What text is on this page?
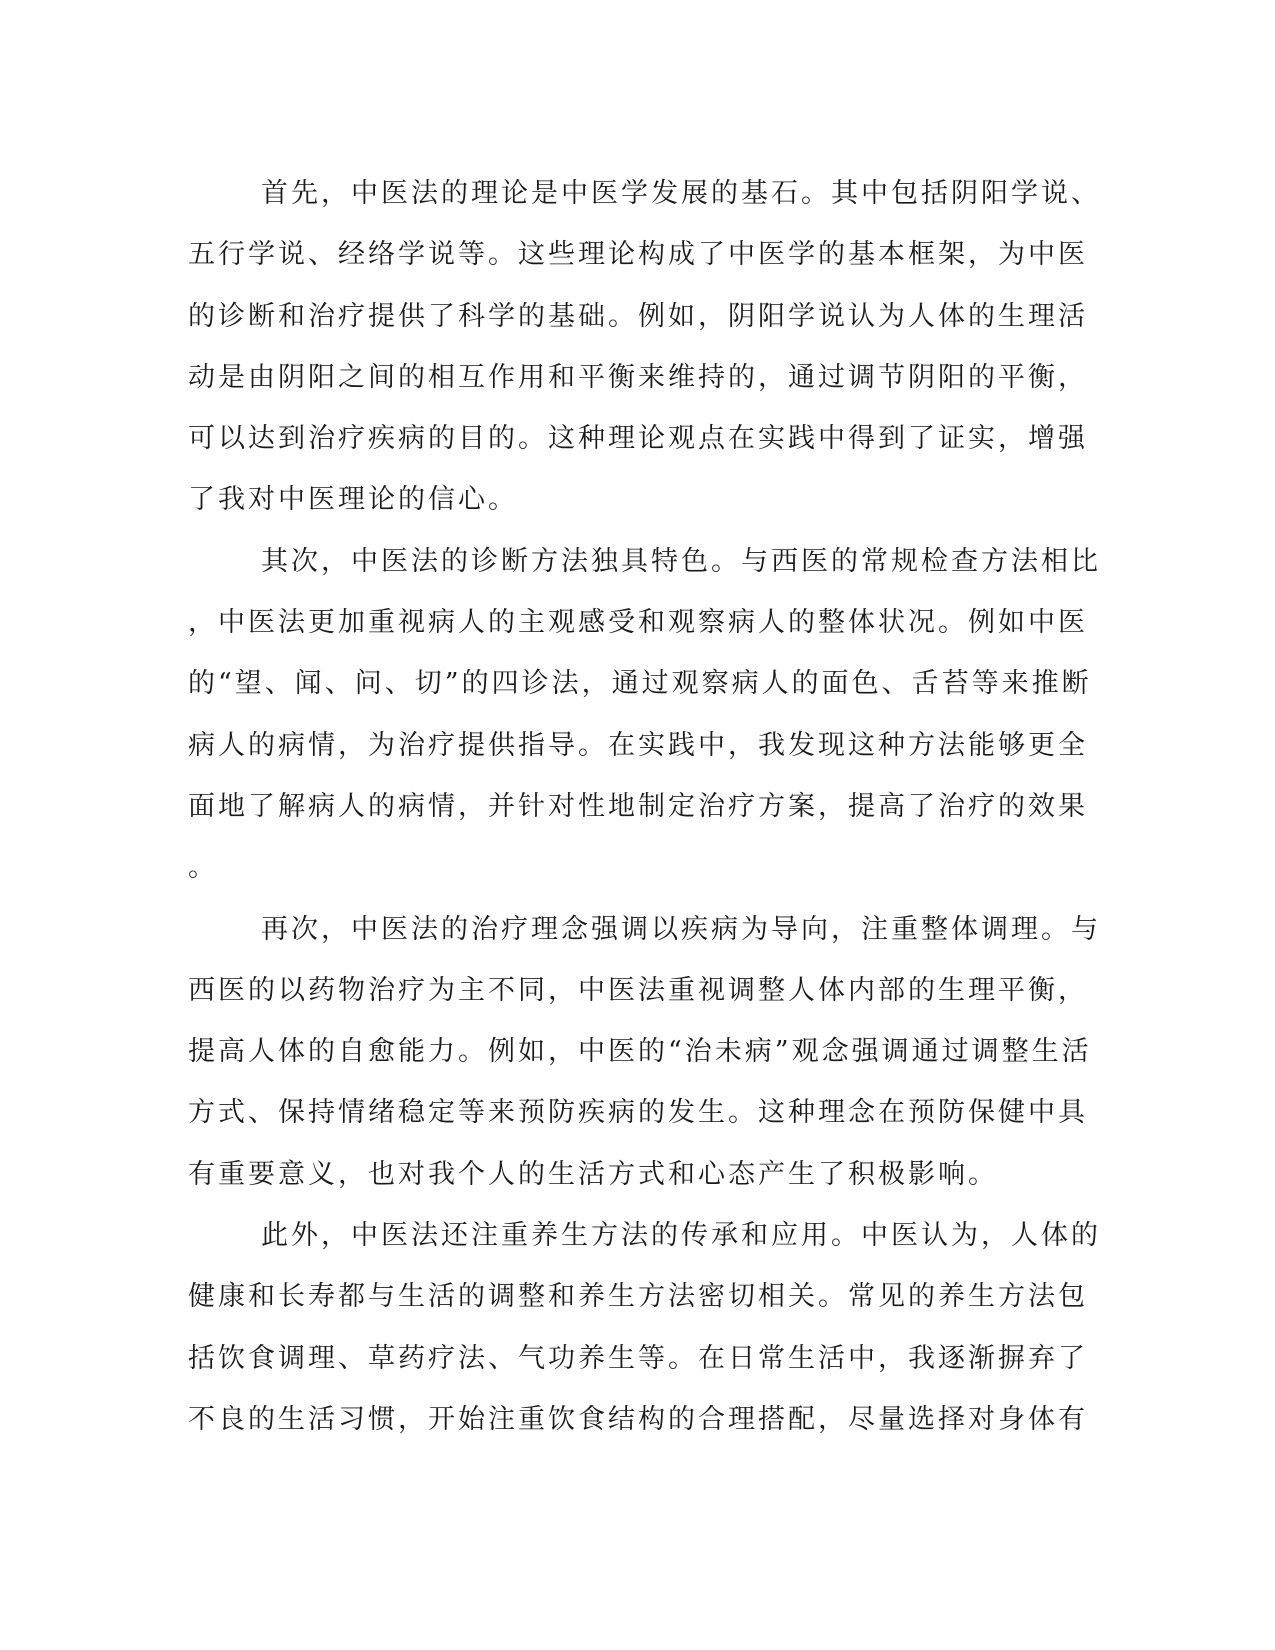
首先，中医法的理论是中医学发展的基石。其中包括阴阳学说、
五行学说、经络学说等。这些理论构成了中医学的基本框架，为中医
的诊断和治疗提供了科学的基础。例如，阴阳学说认为人体的生理活
动是由阴阳之间的相互作用和平衡来维持的，通过调节阴阳的平衡，
可以达到治疗疾病的目的。这种理论观点在实践中得到了证实，增强
了我对中医理论的信心。
其次，中医法的诊断方法独具特色。与西医的常规检查方法相比
，中医法更加重视病人的主观感受和观察病人的整体状况。例如中医
的“望、闻、问、切”的四诊法，通过观察病人的面色、舌苔等来推断
病人的病情，为治疗提供指导。在实践中，我发现这种方法能够更全
面地了解病人的病情，并针对性地制定治疗方案，提高了治疗的效果
。
再次，中医法的治疗理念强调以疾病为导向，注重整体调理。与
西医的以药物治疗为主不同，中医法重视调整人体内部的生理平衡，
提高人体的自愈能力。例如，中医的“治未病”观念强调通过调整生活
方式、保持情绪稳定等来预防疾病的发生。这种理念在预防保健中具
有重要意义，也对我个人的生活方式和心态产生了积极影响。
此外，中医法还注重养生方法的传承和应用。中医认为，人体的
健康和长寿都与生活的调整和养生方法密切相关。常见的养生方法包
括饮食调理、草药疗法、气功养生等。在日常生活中，我逐渐摒弃了
不良的生活习惯，开始注重饮食结构的合理搭配，尽量选择对身体有
